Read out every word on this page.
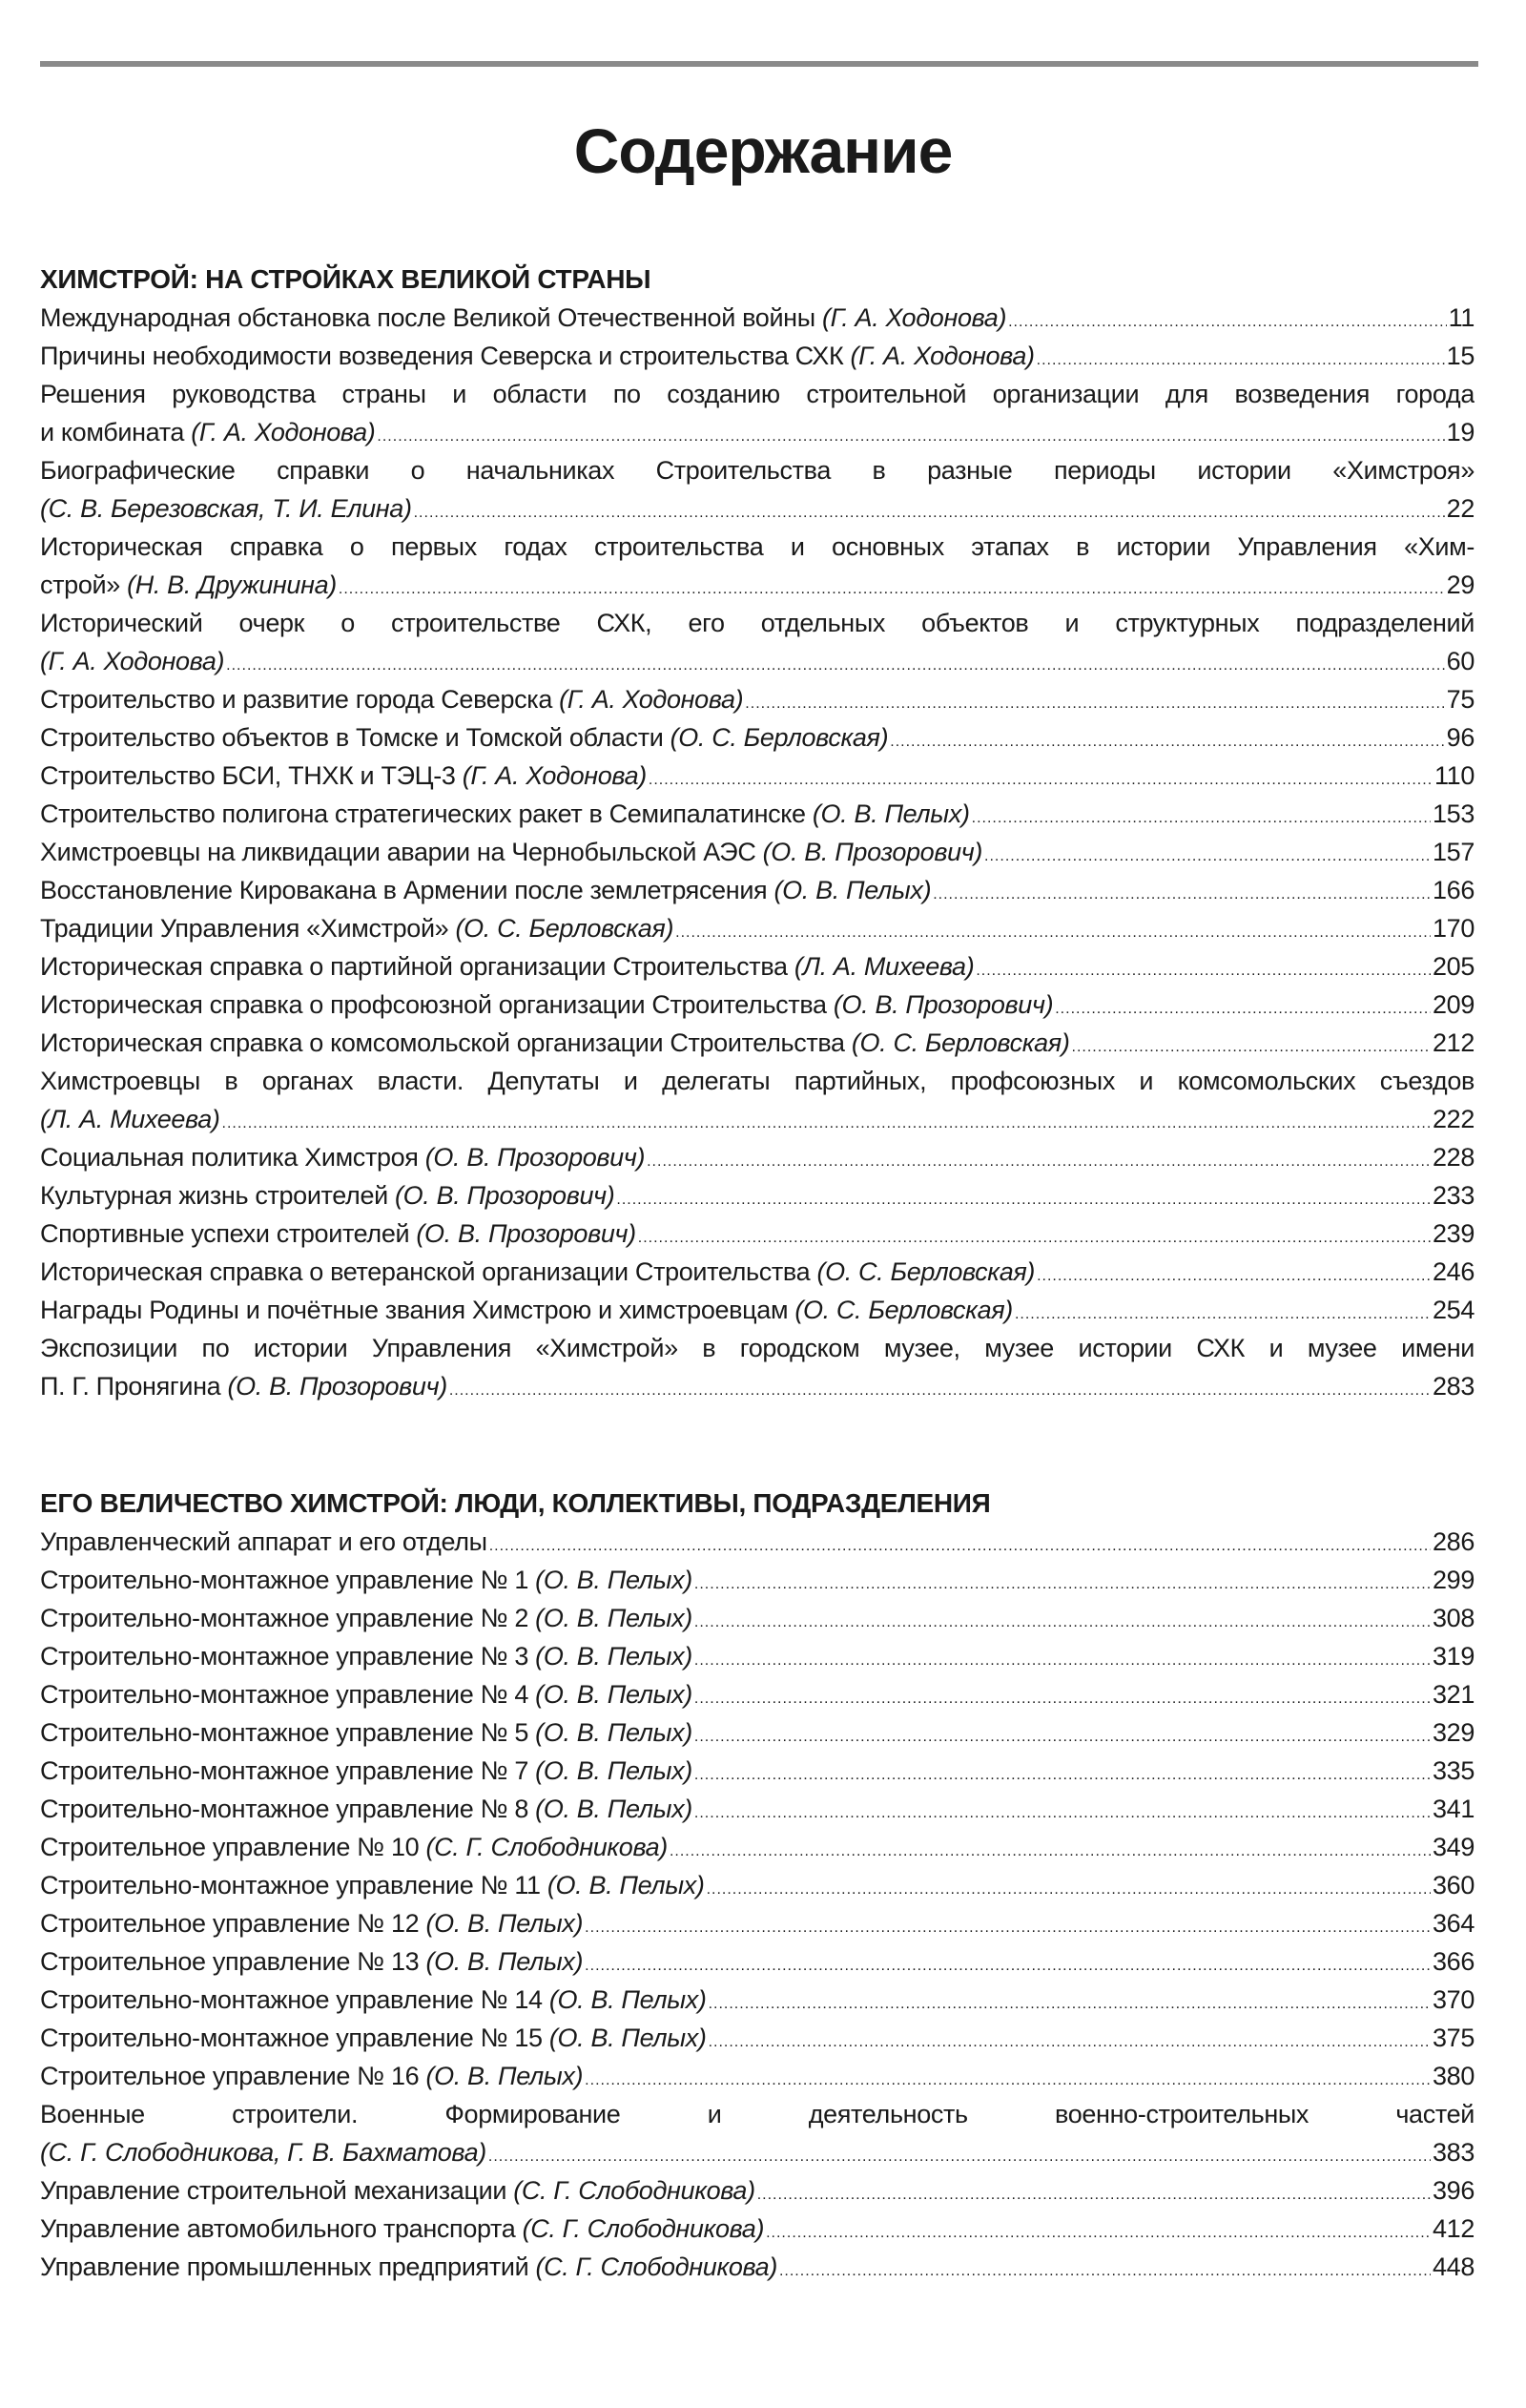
Содержание
ХИМСТРОЙ: НА СТРОЙКАХ ВЕЛИКОЙ СТРАНЫ
Международная обстановка после Великой Отечественной войны (Г. А. Ходонова) .....	11
Причины необходимости возведения Северска и строительства СХК (Г. А. Ходонова) .....	15
Решения руководства страны и области по созданию строительной организации для возведения города
и комбината (Г. А. Ходонова) .....	19
Биографические справки о начальниках Строительства в разные периоды истории «Химстроя»
(С. В. Березовская, Т. И. Елина) .....	22
Историческая справка о первых годах строительства и основных этапах в истории Управления «Хим-
строй» (Н. В. Дружинина) .....	29
Исторический очерк о строительстве СХК, его отдельных объектов и структурных подразделений
(Г. А. Ходонова) .....	60
Строительство и развитие города Северска (Г. А. Ходонова) .....	75
Строительство объектов в Томске и Томской области (О. С. Берловская) .....	96
Строительство БСИ, ТНХК и ТЭЦ-3 (Г. А. Ходонова) .....	110
Строительство полигона стратегических ракет в Семипалатинске (О. В. Пелых) .....	153
Химстроевцы на ликвидации аварии на Чернобыльской АЭС (О. В. Прозорович) .....	157
Восстановление Кировакана в Армении после землетрясения (О. В. Пелых) .....	166
Традиции Управления «Химстрой» (О. С. Берловская) .....	170
Историческая справка о партийной организации Строительства (Л. А. Михеева) .....	205
Историческая справка о профсоюзной организации Строительства (О. В. Прозорович) .....	209
Историческая справка о комсомольской организации Строительства (О. С. Берловская) .....	212
Химстроевцы в органах власти. Депутаты и делегаты партийных, профсоюзных и комсомольских съездов
(Л. А. Михеева) .....	222
Социальная политика Химстроя (О. В. Прозорович) .....	228
Культурная жизнь строителей (О. В. Прозорович) .....	233
Спортивные успехи строителей (О. В. Прозорович) .....	239
Историческая справка о ветеранской организации Строительства (О. С. Берловская) .....	246
Награды Родины и почётные звания Химстрою и химстроевцам (О. С. Берловская) .....	254
Экспозиции по истории Управления «Химстрой» в городском музее, музее истории СХК и музее имени
П. Г. Пронягина (О. В. Прозорович) .....	283
ЕГО ВЕЛИЧЕСТВО ХИМСТРОЙ: ЛЮДИ, КОЛЛЕКТИВЫ, ПОДРАЗДЕЛЕНИЯ
Управленческий аппарат и его отделы .....	286
Строительно-монтажное управление № 1 (О. В. Пелых) .....	299
Строительно-монтажное управление № 2 (О. В. Пелых) .....	308
Строительно-монтажное управление № 3 (О. В. Пелых) .....	319
Строительно-монтажное управление № 4 (О. В. Пелых) .....	321
Строительно-монтажное управление № 5 (О. В. Пелых) .....	329
Строительно-монтажное управление № 7 (О. В. Пелых) .....	335
Строительно-монтажное управление № 8 (О. В. Пелых) .....	341
Строительное управление № 10 (С. Г. Слободникова) .....	349
Строительно-монтажное управление № 11 (О. В. Пелых) .....	360
Строительное управление № 12 (О. В. Пелых) .....	364
Строительное управление № 13 (О. В. Пелых) .....	366
Строительно-монтажное управление № 14 (О. В. Пелых) .....	370
Строительно-монтажное управление № 15 (О. В. Пелых) .....	375
Строительное управление № 16 (О. В. Пелых) .....	380
Военные строители. Формирование и деятельность военно-строительных частей
(С. Г. Слободникова, Г. В. Бахматова) .....	383
Управление строительной механизации (С. Г. Слободникова) .....	396
Управление автомобильного транспорта (С. Г. Слободникова) .....	412
Управление промышленных предприятий (С. Г. Слободникова) .....	448
